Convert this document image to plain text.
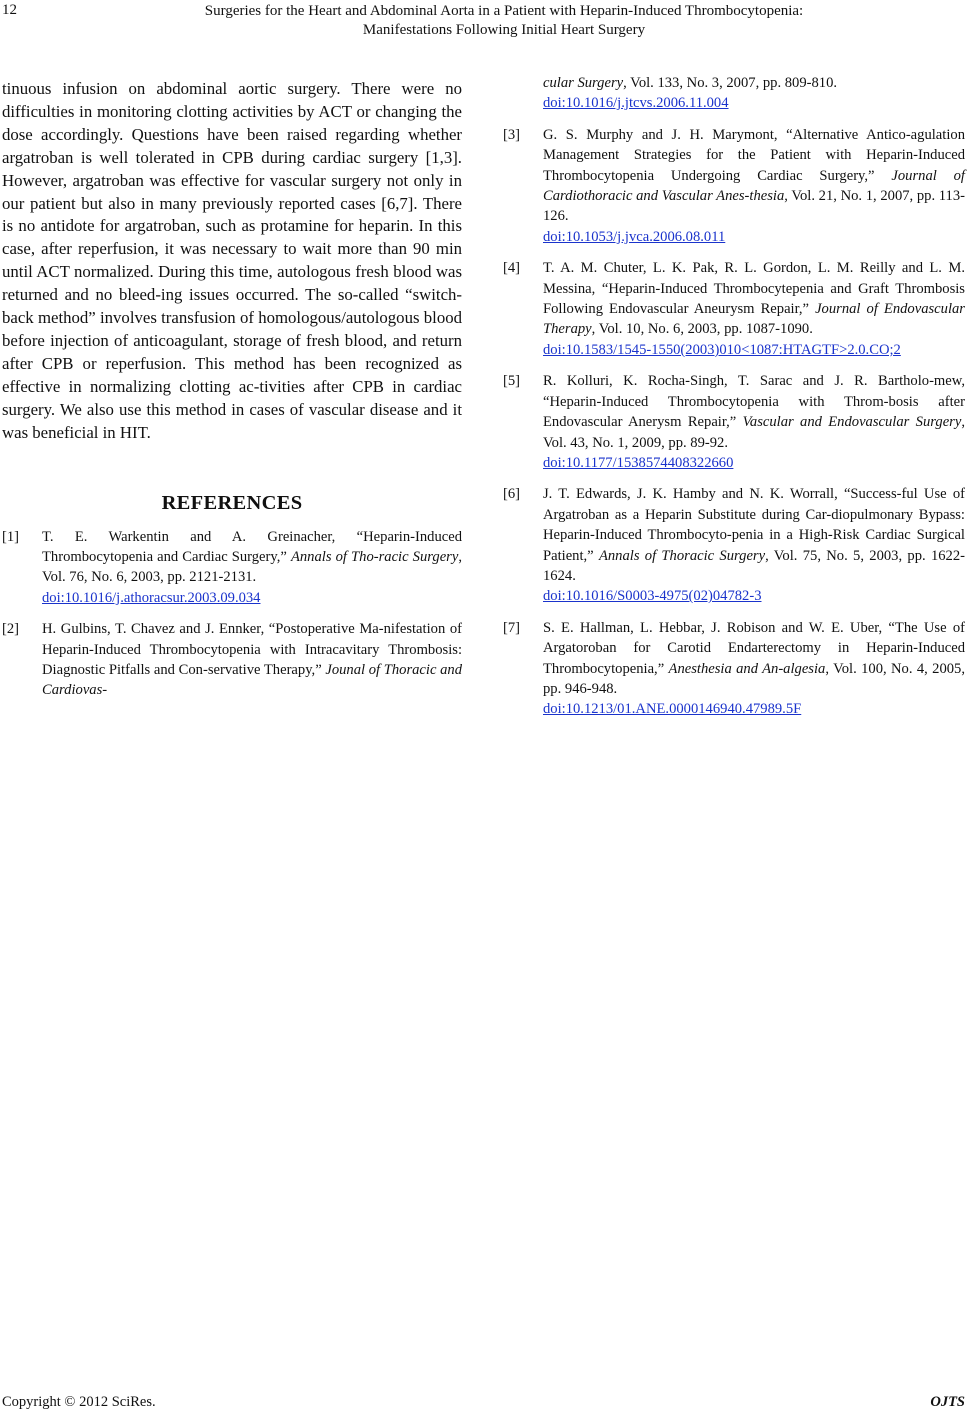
12	Surgeries for the Heart and Abdominal Aorta in a Patient with Heparin-Induced Thrombocytopenia:
Manifestations Following Initial Heart Surgery

tinuous infusion on abdominal aortic surgery. There were no difficulties in monitoring clotting activities by ACT or changing the dose accordingly. Questions have been raised regarding whether argatroban is well tolerated in CPB during cardiac surgery [1,3]. However, argatroban was effective for vascular surgery not only in our patient but also in many previously reported cases [6,7]. There is no antidote for argatroban, such as protamine for heparin. In this case, after reperfusion, it was necessary to wait more than 90 min until ACT normalized. During this time, autologous fresh blood was returned and no bleed-ing issues occurred. The so-called “switch-back method” involves transfusion of homologous/autologous blood before injection of anticoagulant, storage of fresh blood, and return after CPB or reperfusion. This method has been recognized as effective in normalizing clotting ac-tivities after CPB in cardiac surgery. We also use this method in cases of vascular disease and it was beneficial in HIT.

REFERENCES
[1] T. E. Warkentin and A. Greinacher, “Heparin-Induced Thrombocytopenia and Cardiac Surgery,” Annals of Tho-racic Surgery, Vol. 76, No. 6, 2003, pp. 2121-2131.
doi:10.1016/j.athoracsur.2003.09.034
[2] H. Gulbins, T. Chavez and J. Ennker, “Postoperative Ma-nifestation of Heparin-Induced Thrombocytopenia with Intracavitary Thrombosis: Diagnostic Pitfalls and Con-servative Therapy,” Jounal of Thoracic and Cardiovas-
cular Surgery, Vol. 133, No. 3, 2007, pp. 809-810.
doi:10.1016/j.jtcvs.2006.11.004
[3] G. S. Murphy and J. H. Marymont, “Alternative Antico-agulation Management Strategies for the Patient with Heparin-Induced Thrombocytopenia Undergoing Cardiac Surgery,” Journal of Cardiothoracic and Vascular Anes-thesia, Vol. 21, No. 1, 2007, pp. 113-126.
doi:10.1053/j.jvca.2006.08.011
[4] T. A. M. Chuter, L. K. Pak, R. L. Gordon, L. M. Reilly and L. M. Messina, “Heparin-Induced Thrombocytepenia and Graft Thrombosis Following Endovascular Aneurysm Repair,” Journal of Endovascular Therapy, Vol. 10, No. 6, 2003, pp. 1087-1090.
doi:10.1583/1545-1550(2003)010<1087:HTAGTF>2.0.CO;2
[5] R. Kolluri, K. Rocha-Singh, T. Sarac and J. R. Bartholo-mew, “Heparin-Induced Thrombocytopenia with Throm-bosis after Endovascular Anerysm Repair,” Vascular and Endovascular Surgery, Vol. 43, No. 1, 2009, pp. 89-92.
doi:10.1177/1538574408322660
[6] J. T. Edwards, J. K. Hamby and N. K. Worrall, “Success-ful Use of Argatroban as a Heparin Substitute during Car-diopulmonary Bypass: Heparin-Induced Thrombocyto-penia in a High-Risk Cardiac Surgical Patient,” Annals of Thoracic Surgery, Vol. 75, No. 5, 2003, pp. 1622-1624.
doi:10.1016/S0003-4975(02)04782-3
[7] S. E. Hallman, L. Hebbar, J. Robison and W. E. Uber, “The Use of Argatoroban for Carotid Endarterectomy in Heparin-Induced Thrombocytopenia,” Anesthesia and An-algesia, Vol. 100, No. 4, 2005, pp. 946-948.
doi:10.1213/01.ANE.0000146940.47989.5F
Copyright © 2012 SciRes.	OJTS
